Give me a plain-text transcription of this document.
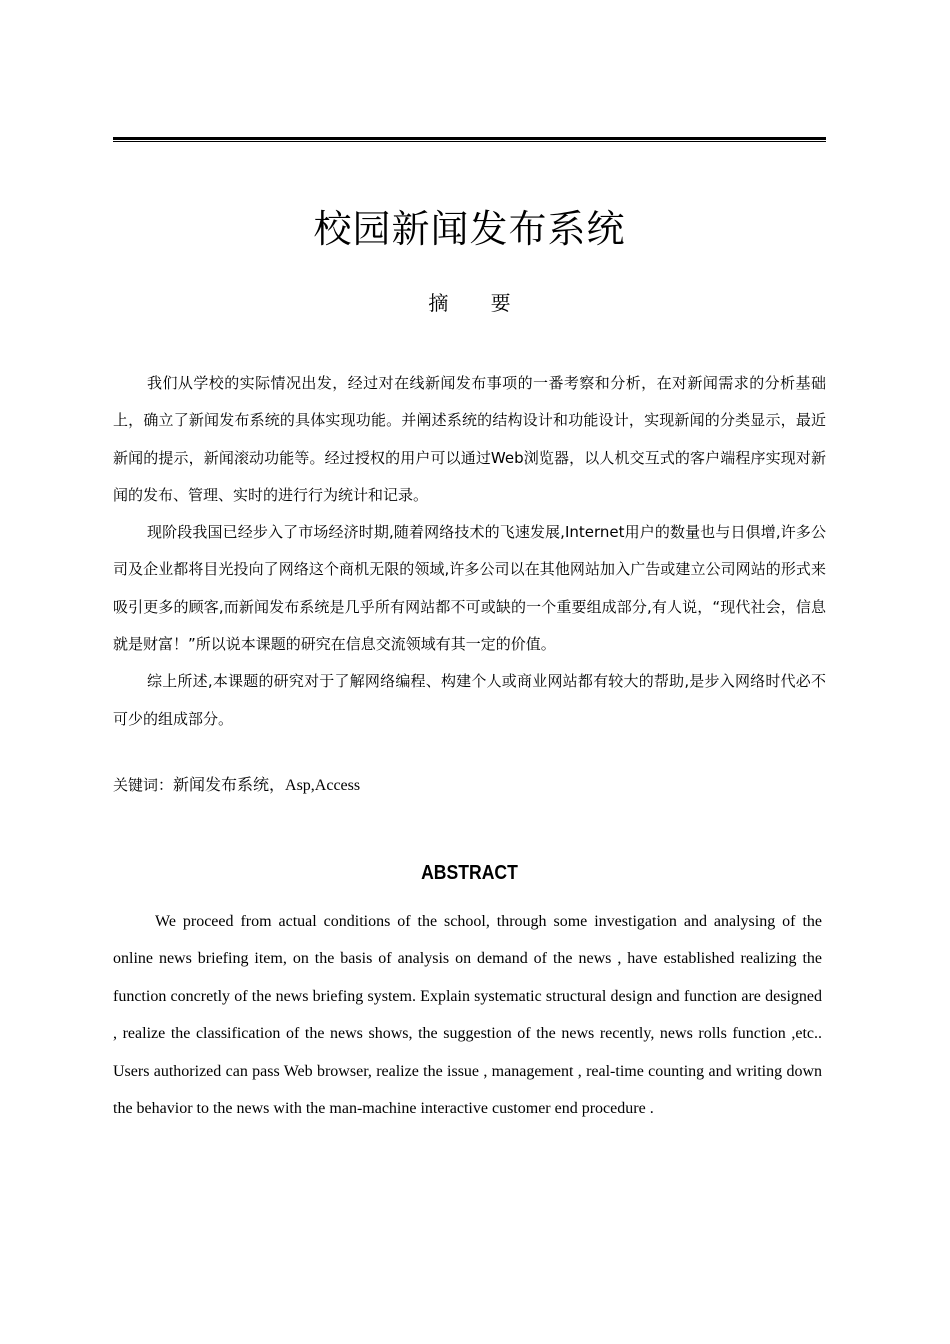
校园新闻发布系统
摘 要

我们从学校的实际情况出发，经过对在线新闻发布事项的一番考察和分析，在对新闻需求的分析基础上，确立了新闻发布系统的具体实现功能。并阐述系统的结构设计和功能设计，实现新闻的分类显示，最近新闻的提示，新闻滚动功能等。经过授权的用户可以通过Web浏览器，以人机交互式的客户端程序实现对新闻的发布、管理、实时的进行行为统计和记录。

现阶段我国已经步入了市场经济时期,随着网络技术的飞速发展,Internet用户的数量也与日俱增,许多公司及企业都将目光投向了网络这个商机无限的领域,许多公司以在其他网站加入广告或建立公司网站的形式来吸引更多的顾客,而新闻发布系统是几乎所有网站都不可或缺的一个重要组成部分,有人说，“现代社会，信息就是财富！”所以说本课题的研究在信息交流领域有其一定的价值。

综上所述,本课题的研究对于了解网络编程、构建个人或商业网站都有较大的帮助,是步入网络时代必不可少的组成部分。

关键词：新闻发布系统，Asp,Access
ABSTRACT

We proceed from actual conditions of the school, through some investigation and analysing of the online news briefing item, on the basis of analysis on demand of the news , have established realizing the function concretly of the news briefing system. Explain systematic structural design and function are designed , realize the classification of the news shows, the suggestion of the news recently, news rolls function ,etc.. Users authorized can pass Web browser, realize the issue , management , real-time counting and writing down the behavior to the news with the man-machine interactive customer end procedure .
